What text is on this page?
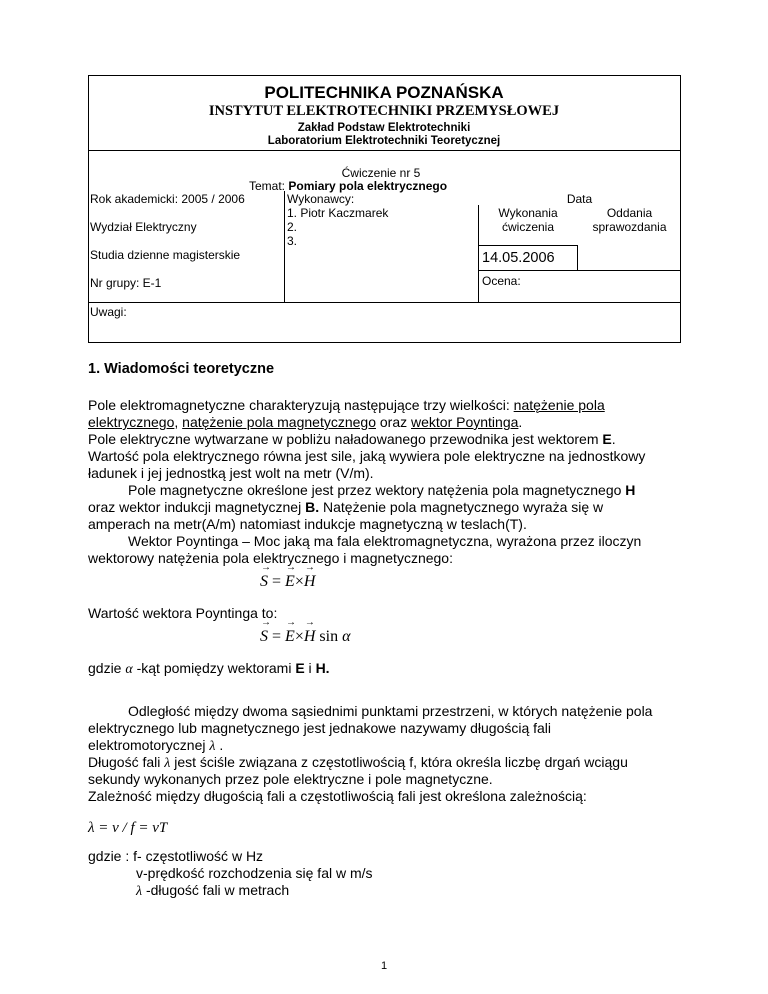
POLITECHNIKA POZNAŃSKA
INSTYTUT ELEKTROTECHNIKI PRZEMYSŁOWEJ
Zakład Podstaw Elektrotechniki
Laboratorium Elektrotechniki Teoretycznej
Ćwiczenie nr 5
Temat: Pomiary pola elektrycznego
Rok akademicki: 2005 / 2006
Wydział Elektryczny
Studia dzienne magisterskie
Nr grupy: E-1
Wykonawcy:
1. Piotr Kaczmarek
2.
3.
Data
Wykonania
ćwiczenia
Oddania
sprawozdania
14.05.2006
Ocena:
Uwagi:
1. Wiadomości teoretyczne
Pole elektromagnetyczne charakteryzują następujące trzy wielkości: natężenie pola
elektrycznego, natężenie pola magnetycznego oraz wektor Poyntinga.
Pole elektryczne wytwarzane w pobliżu naładowanego przewodnika jest wektorem E.
Wartość pola elektrycznego równa jest sile, jaką wywiera pole elektryczne na jednostkowy
ładunek i jej jednostką jest wolt na metr (V/m).
Pole magnetyczne określone jest przez wektory natężenia pola magnetycznego H
oraz wektor indukcji magnetycznej B. Natężenie pola magnetycznego wyraża się w
amperach na metr(A/m) natomiast indukcje magnetyczną w teslach(T).
Wektor Poyntinga – Moc jaką ma fala elektromagnetyczna, wyrażona przez iloczyn
wektorowy natężenia pola elektrycznego i magnetycznego:
→ S = → E×→ H
Wartość wektora Poyntinga to:
→ S = → E×→ H sin α
gdzie α -kąt pomiędzy wektorami E i H.
Odległość między dwoma sąsiednimi punktami przestrzeni, w których natężenie pola
elektrycznego lub magnetycznego jest jednakowe nazywamy długością fali
elektromotorycznej λ .
Długość fali λ jest ściśle związana z częstotliwością f, która określa liczbę drgań wciągu
sekundy wykonanych przez pole elektryczne i pole magnetyczne.
Zależność między długością fali a częstotliwością fali jest określona zależnością:
λ = v / f = vT
gdzie : f- częstotliwość w Hz
v-prędkość rozchodzenia się fal w m/s
λ -długość fali w metrach
1
